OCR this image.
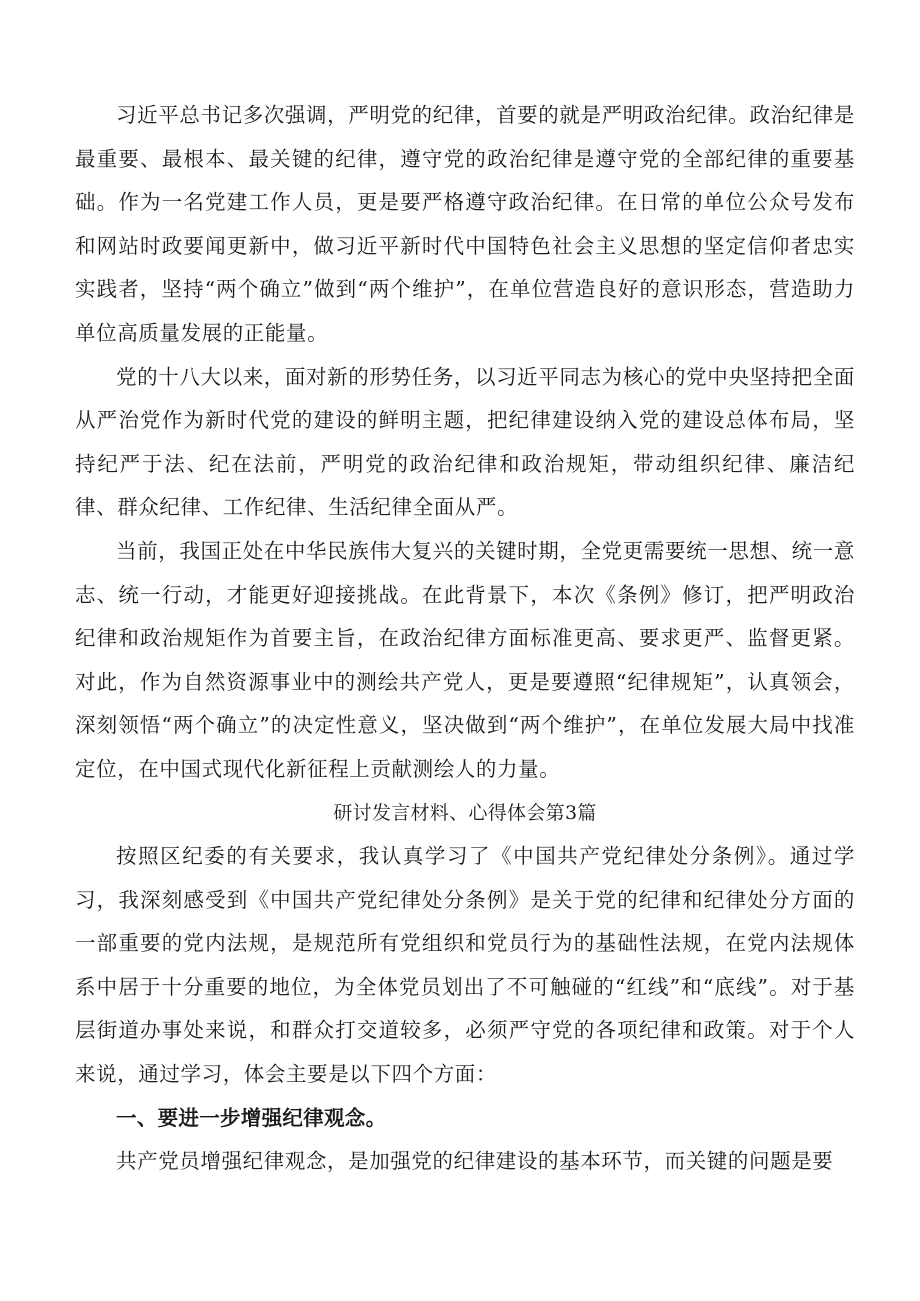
习近平总书记多次强调，严明党的纪律，首要的就是严明政治纪律。政治纪律是最重要、最根本、最关键的纪律，遵守党的政治纪律是遵守党的全部纪律的重要基础。作为一名党建工作人员，更是要严格遵守政治纪律。在日常的单位公众号发布和网站时政要闻更新中，做习近平新时代中国特色社会主义思想的坚定信仰者忠实实践者，坚持“两个确立”做到“两个维护”，在单位营造良好的意识形态，营造助力单位高质量发展的正能量。

党的十八大以来，面对新的形势任务，以习近平同志为核心的党中央坚持把全面从严治党作为新时代党的建设的鲜明主题，把纪律建设纳入党的建设总体布局，坚持纪严于法、纪在法前，严明党的政治纪律和政治规矩，带动组织纪律、廉洁纪律、群众纪律、工作纪律、生活纪律全面从严。

当前，我国正处在中华民族伟大复兴的关键时期，全党更需要统一思想、统一意志、统一行动，才能更好迎接挑战。在此背景下，本次《条例》修订，把严明政治纪律和政治规矩作为首要主旨，在政治纪律方面标准更高、要求更严、监督更紧。对此，作为自然资源事业中的测绘共产党人，更是要遵照“纪律规矩”，认真领会，深刻领悟“两个确立”的决定性意义，坚决做到“两个维护”，在单位发展大局中找准定位，在中国式现代化新征程上贡献测绘人的力量。

研讨发言材料、心得体会第3篇

按照区纪委的有关要求，我认真学习了《中国共产党纪律处分条例》。通过学习，我深刻感受到《中国共产党纪律处分条例》是关于党的纪律和纪律处分方面的一部重要的党内法规，是规范所有党组织和党员行为的基础性法规，在党内法规体系中居于十分重要的地位，为全体党员划出了不可触碰的“红线”和“底线”。对于基层街道办事处来说，和群众打交道较多，必须严守党的各项纪律和政策。对于个人来说，通过学习，体会主要是以下四个方面：

一、要进一步增强纪律观念。

共产党员增强纪律观念，是加强党的纪律建设的基本环节，而关键的问题是要
